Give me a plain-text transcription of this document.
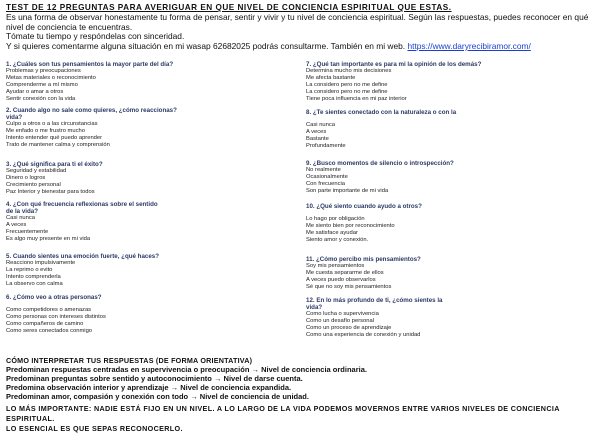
TEST DE 12 PREGUNTAS PARA AVERIGUAR EN QUE NIVEL DE CONCIENCIA ESPIRITUAL QUE ESTAS.
Es una forma de observar honestamente tu forma de pensar, sentir y vivir y tu nivel de conciencia espiritual. Según las respuestas, puedes reconocer en qué nivel de conciencia te encuentras.
Tómate tu tiempo y respóndelas con sinceridad.
Y si quieres comentarme alguna situación en mi wasap 62682025 podrás consultarme. También en mi web. https://www.daryrecibiramor.com/
1. ¿Cuáles son tus pensamientos la mayor parte del día?
Problemas y preocupaciones
Metas materiales o reconocimiento
Comprenderme a mí mismo
Ayudar o amar a otros
Sentir conexión con la vida
2. Cuando algo no sale como quieres, ¿cómo reaccionas?
vida?
Culpo a otros o a las circunstancias
Me enfado o me frustro mucho
Intento entender qué puedo aprender
Trato de mantener calma y comprensión
3. ¿Qué significa para ti el éxito?
Seguridad y estabilidad
Dinero o logros
Crecimiento personal
Paz Interior y bienestar para todos
4. ¿Con qué frecuencia reflexionas sobre el sentido
de la vida?
Casi nunca
A veces
Frecuentemente
Es algo muy presente en mi vida
5. Cuando sientes una emoción fuerte, ¿qué haces?
Reacciono impulsivamente
La reprimo o evito
Intento comprenderla
La observo con calma
6. ¿Cómo veo a otras personas?
Como competidores o amenazas
Como personas con intereses distintos
Como compañeros de camino
Como seres conectados conmigo
7. ¿Qué tan importante es para mi la opinión de los demás?
Determina mucho mis decisiones
Me afecta bastante
La considero pero no me define
La considero pero no me define
Tiene poca influencia en mi paz interior
8. ¿Te sientes conectado con la naturaleza o con la
Casi nunca
A veces
Bastante
Profundamente
9. ¿Busco momentos de silencio o introspección?
No realmente
Ocasionalmente
Con frecuencia
Son parte importante de mi vida
10. ¿Qué siento cuando ayudo a otros?
Lo hago por obligación
Me siento bien por reconocimiento
Me satisface ayudar
Siento amor y conexión.
11. ¿Cómo percibo mis pensamientos?
Soy mis pensamientos
Me cuesta separarme de ellos
A veces puedo observarlos
Sé que no soy mis pensamientos
12. En lo más profundo de ti, ¿cómo sientes la
vida?
Como lucha o supervivencia
Como un desafío personal
Como un proceso de aprendizaje
Como una experiencia de conexión y unidad
CÓMO INTERPRETAR TUS RESPUESTAS (DE FORMA ORIENTATIVA)
Predominan respuestas centradas en supervivencia o preocupación → Nivel de conciencia ordinaria.
Predominan preguntas sobre sentido y autoconocimiento → Nivel de darse cuenta.
Predomina observación interior y aprendizaje → Nivel de conciencia expandida.
Predominan amor, compasión y conexión con todo → Nivel de conciencia de unidad.
LO MÁS IMPORTANTE: NADIE ESTÁ FIJO EN UN NIVEL. A LO LARGO DE LA VIDA PODEMOS MOVERNOS ENTRE VARIOS NIVELES DE CONCIENCIA ESPIRITUAL.
LO ESENCIAL ES QUE SEPAS RECONOCERLO.
